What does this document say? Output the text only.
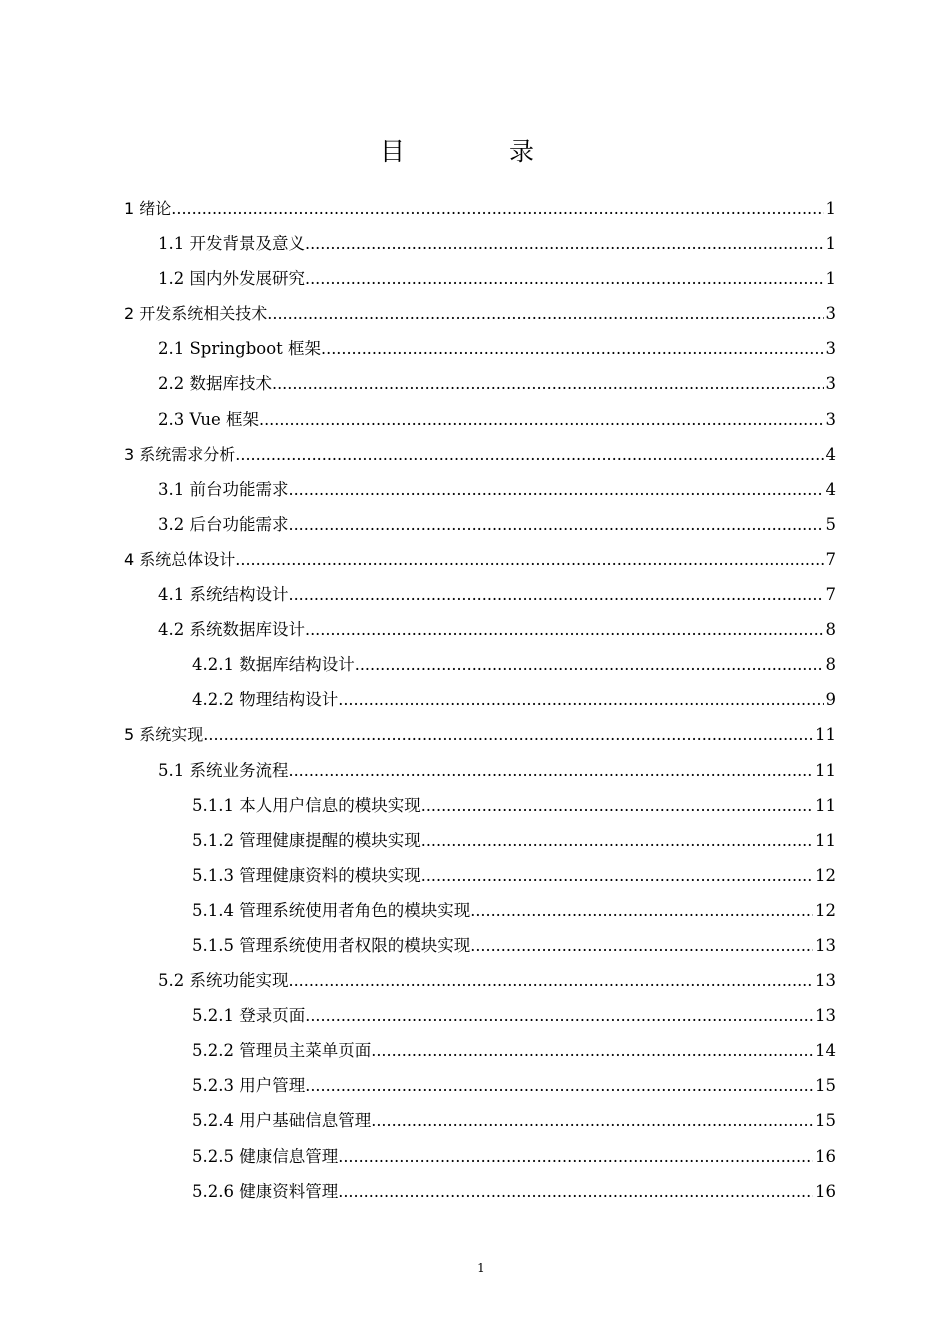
目 录
1 绪论 .....	1
1.1 开发背景及意义 .....	1
1.2 国内外发展研究 .....	1
2 开发系统相关技术 .....	3
2.1 Springboot 框架 .....	3
2.2 数据库技术 .....	3
2.3 Vue 框架 .....	3
3 系统需求分析 .....	4
3.1 前台功能需求 .....	4
3.2 后台功能需求 .....	5
4 系统总体设计 .....	7
4.1 系统结构设计 .....	7
4.2 系统数据库设计 .....	8
4.2.1 数据库结构设计 .....	8
4.2.2 物理结构设计 .....	9
5 系统实现 .....	11
5.1 系统业务流程 .....	11
5.1.1 本人用户信息的模块实现 .....	11
5.1.2 管理健康提醒的模块实现 .....	11
5.1.3 管理健康资料的模块实现 .....	12
5.1.4 管理系统使用者角色的模块实现 .....	12
5.1.5 管理系统使用者权限的模块实现 .....	13
5.2 系统功能实现 .....	13
5.2.1 登录页面 .....	13
5.2.2 管理员主菜单页面 .....	14
5.2.3 用户管理 .....	15
5.2.4 用户基础信息管理 .....	15
5.2.5 健康信息管理 .....	16
5.2.6 健康资料管理 .....	16
1
